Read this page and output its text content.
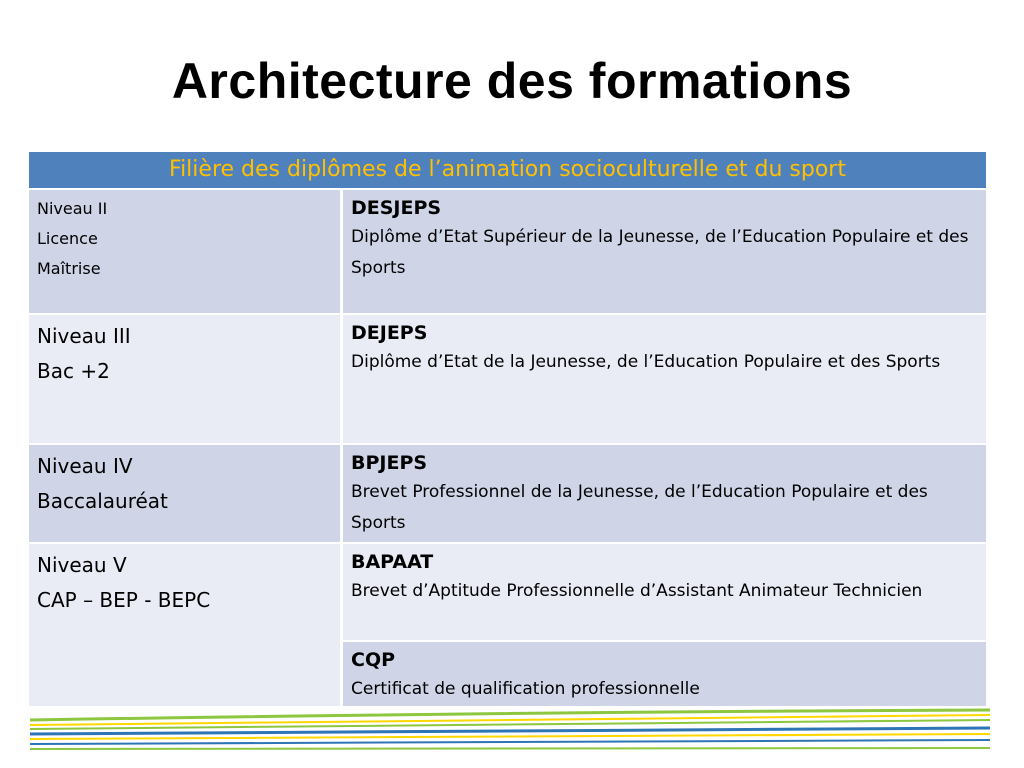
Architecture des formations
Filière des diplômes de l’animation socioculturelle et du sport
Niveau II
Licence
Maîtrise
DESJEPS
Diplôme d’Etat Supérieur de la Jeunesse, de l’Education Populaire et des Sports
Niveau III
Bac +2
DEJEPS
Diplôme d’Etat de la Jeunesse, de l’Education Populaire et des Sports
Niveau IV
Baccalauréat
BPJEPS
Brevet Professionnel de la Jeunesse, de l’Education Populaire et des Sports
Niveau V
CAP – BEP - BEPC
BAPAAT
Brevet d’Aptitude Professionnelle d’Assistant Animateur Technicien
CQP
Certificat de qualification professionnelle
